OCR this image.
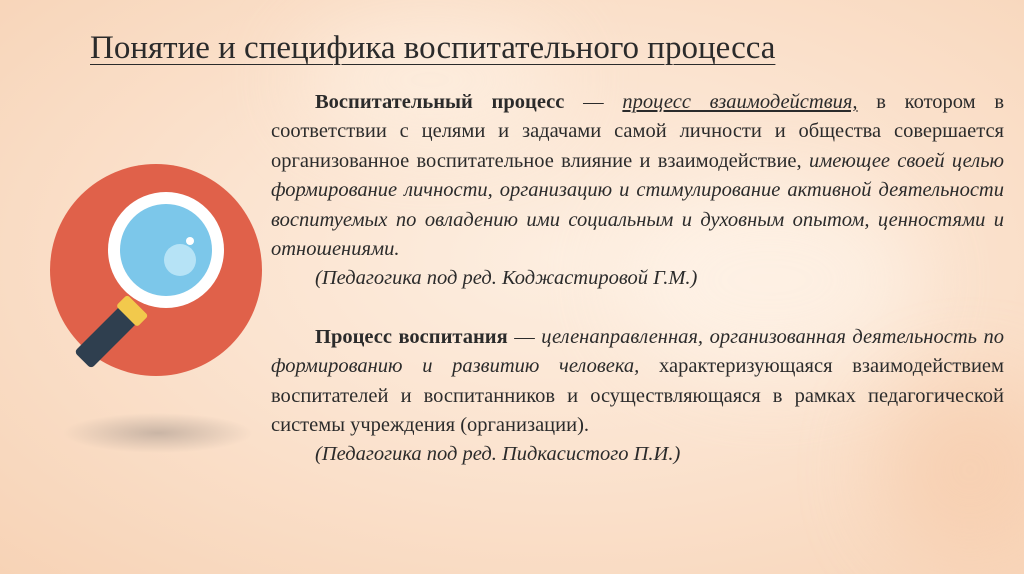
Понятие и специфика воспитательного процесса

Воспитательный процесс — процесс взаимодействия, в котором в соответствии с целями и задачами самой личности и общества совершается организованное воспитательное влияние и взаимодействие, имеющее своей целью формирование личности, организацию и стимулирование активной деятельности воспитуемых по овладению ими социальным и духовным опытом, ценностями и отношениями.

(Педагогика под ред. Коджастировой Г.М.)

Процесс воспитания — целенаправленная, организованная деятельность по формированию и развитию человека, характеризующаяся взаимодействием воспитателей и воспитанников и осуществляющаяся в рамках педагогической системы учреждения (организации).

(Педагогика под ред. Пидкасистого П.И.)
